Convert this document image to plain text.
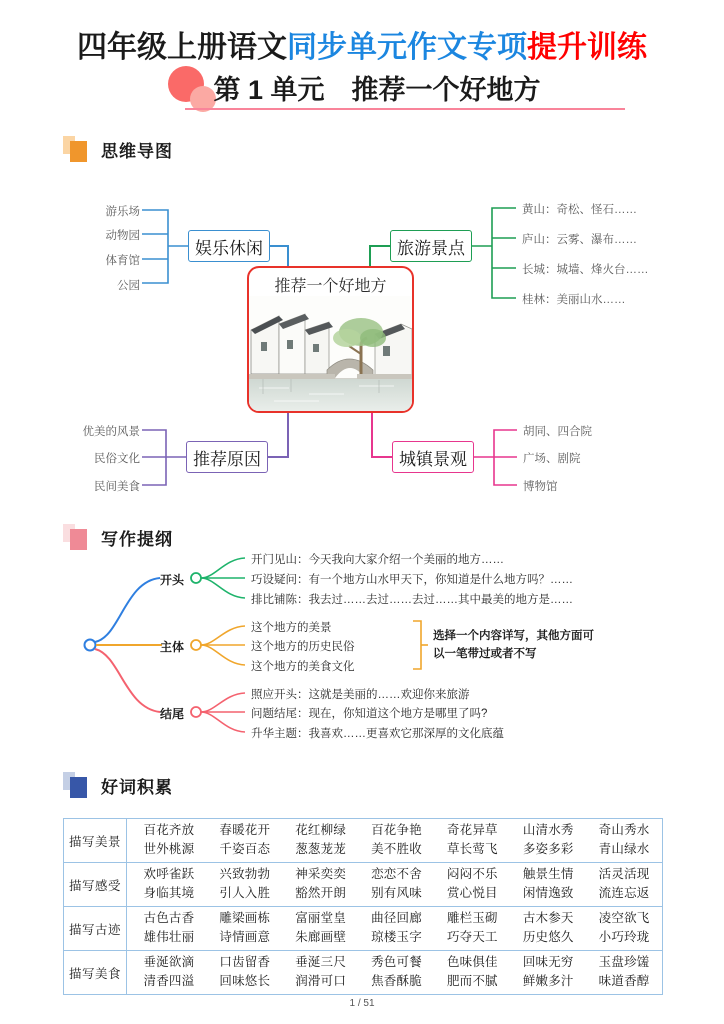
四年级上册语文同步单元作文专项提升训练
第 1 单元　推荐一个好地方
思维导图
游乐场
动物园
体育馆
公园
娱乐休闲
黄山：奇松、怪石……
庐山：云雾、瀑布……
长城：城墙、烽火台……
桂林：美丽山水……
旅游景点
优美的风景
民俗文化
民间美食
推荐原因
胡同、四合院
广场、剧院
博物馆
城镇景观
推荐一个好地方
写作提纲
开头
主体
结尾
开门见山：今天我向大家介绍一个美丽的地方……
巧设疑问：有一个地方山水甲天下，你知道是什么地方吗？……
排比铺陈：我去过……去过……去过……其中最美的地方是……
这个地方的美景
这个地方的历史民俗
这个地方的美食文化
选择一个内容详写，其他方面可
以一笔带过或者不写
照应开头：这就是美丽的……欢迎你来旅游
问题结尾：现在，你知道这个地方是哪里了吗?
升华主题：我喜欢……更喜欢它那深厚的文化底蕴
好词积累
描写美景	
百花齐放	春暖花开	花红柳绿	百花争艳	奇花异草	山清水秀	奇山秀水
世外桃源	千姿百态	葱葱茏茏	美不胜收	草长莺飞	多姿多彩	青山绿水

描写感受	
欢呼雀跃	兴致勃勃	神采奕奕	恋恋不舍	闷闷不乐	触景生情	活灵活现
身临其境	引人入胜	豁然开朗	别有风味	赏心悦目	闲情逸致	流连忘返

描写古迹	
古色古香	雕梁画栋	富丽堂皇	曲径回廊	雕栏玉砌	古木参天	凌空欲飞
雄伟壮丽	诗情画意	朱廊画壁	琼楼玉字	巧夺天工	历史悠久	小巧玲珑

描写美食	
垂涎欲滴	口齿留香	垂涎三尺	秀色可餐	色味俱佳	回味无穷	玉盘珍馐
清香四溢	回味悠长	润滑可口	焦香酥脆	肥而不腻	鲜嫩多汁	味道香醇
1 / 51
